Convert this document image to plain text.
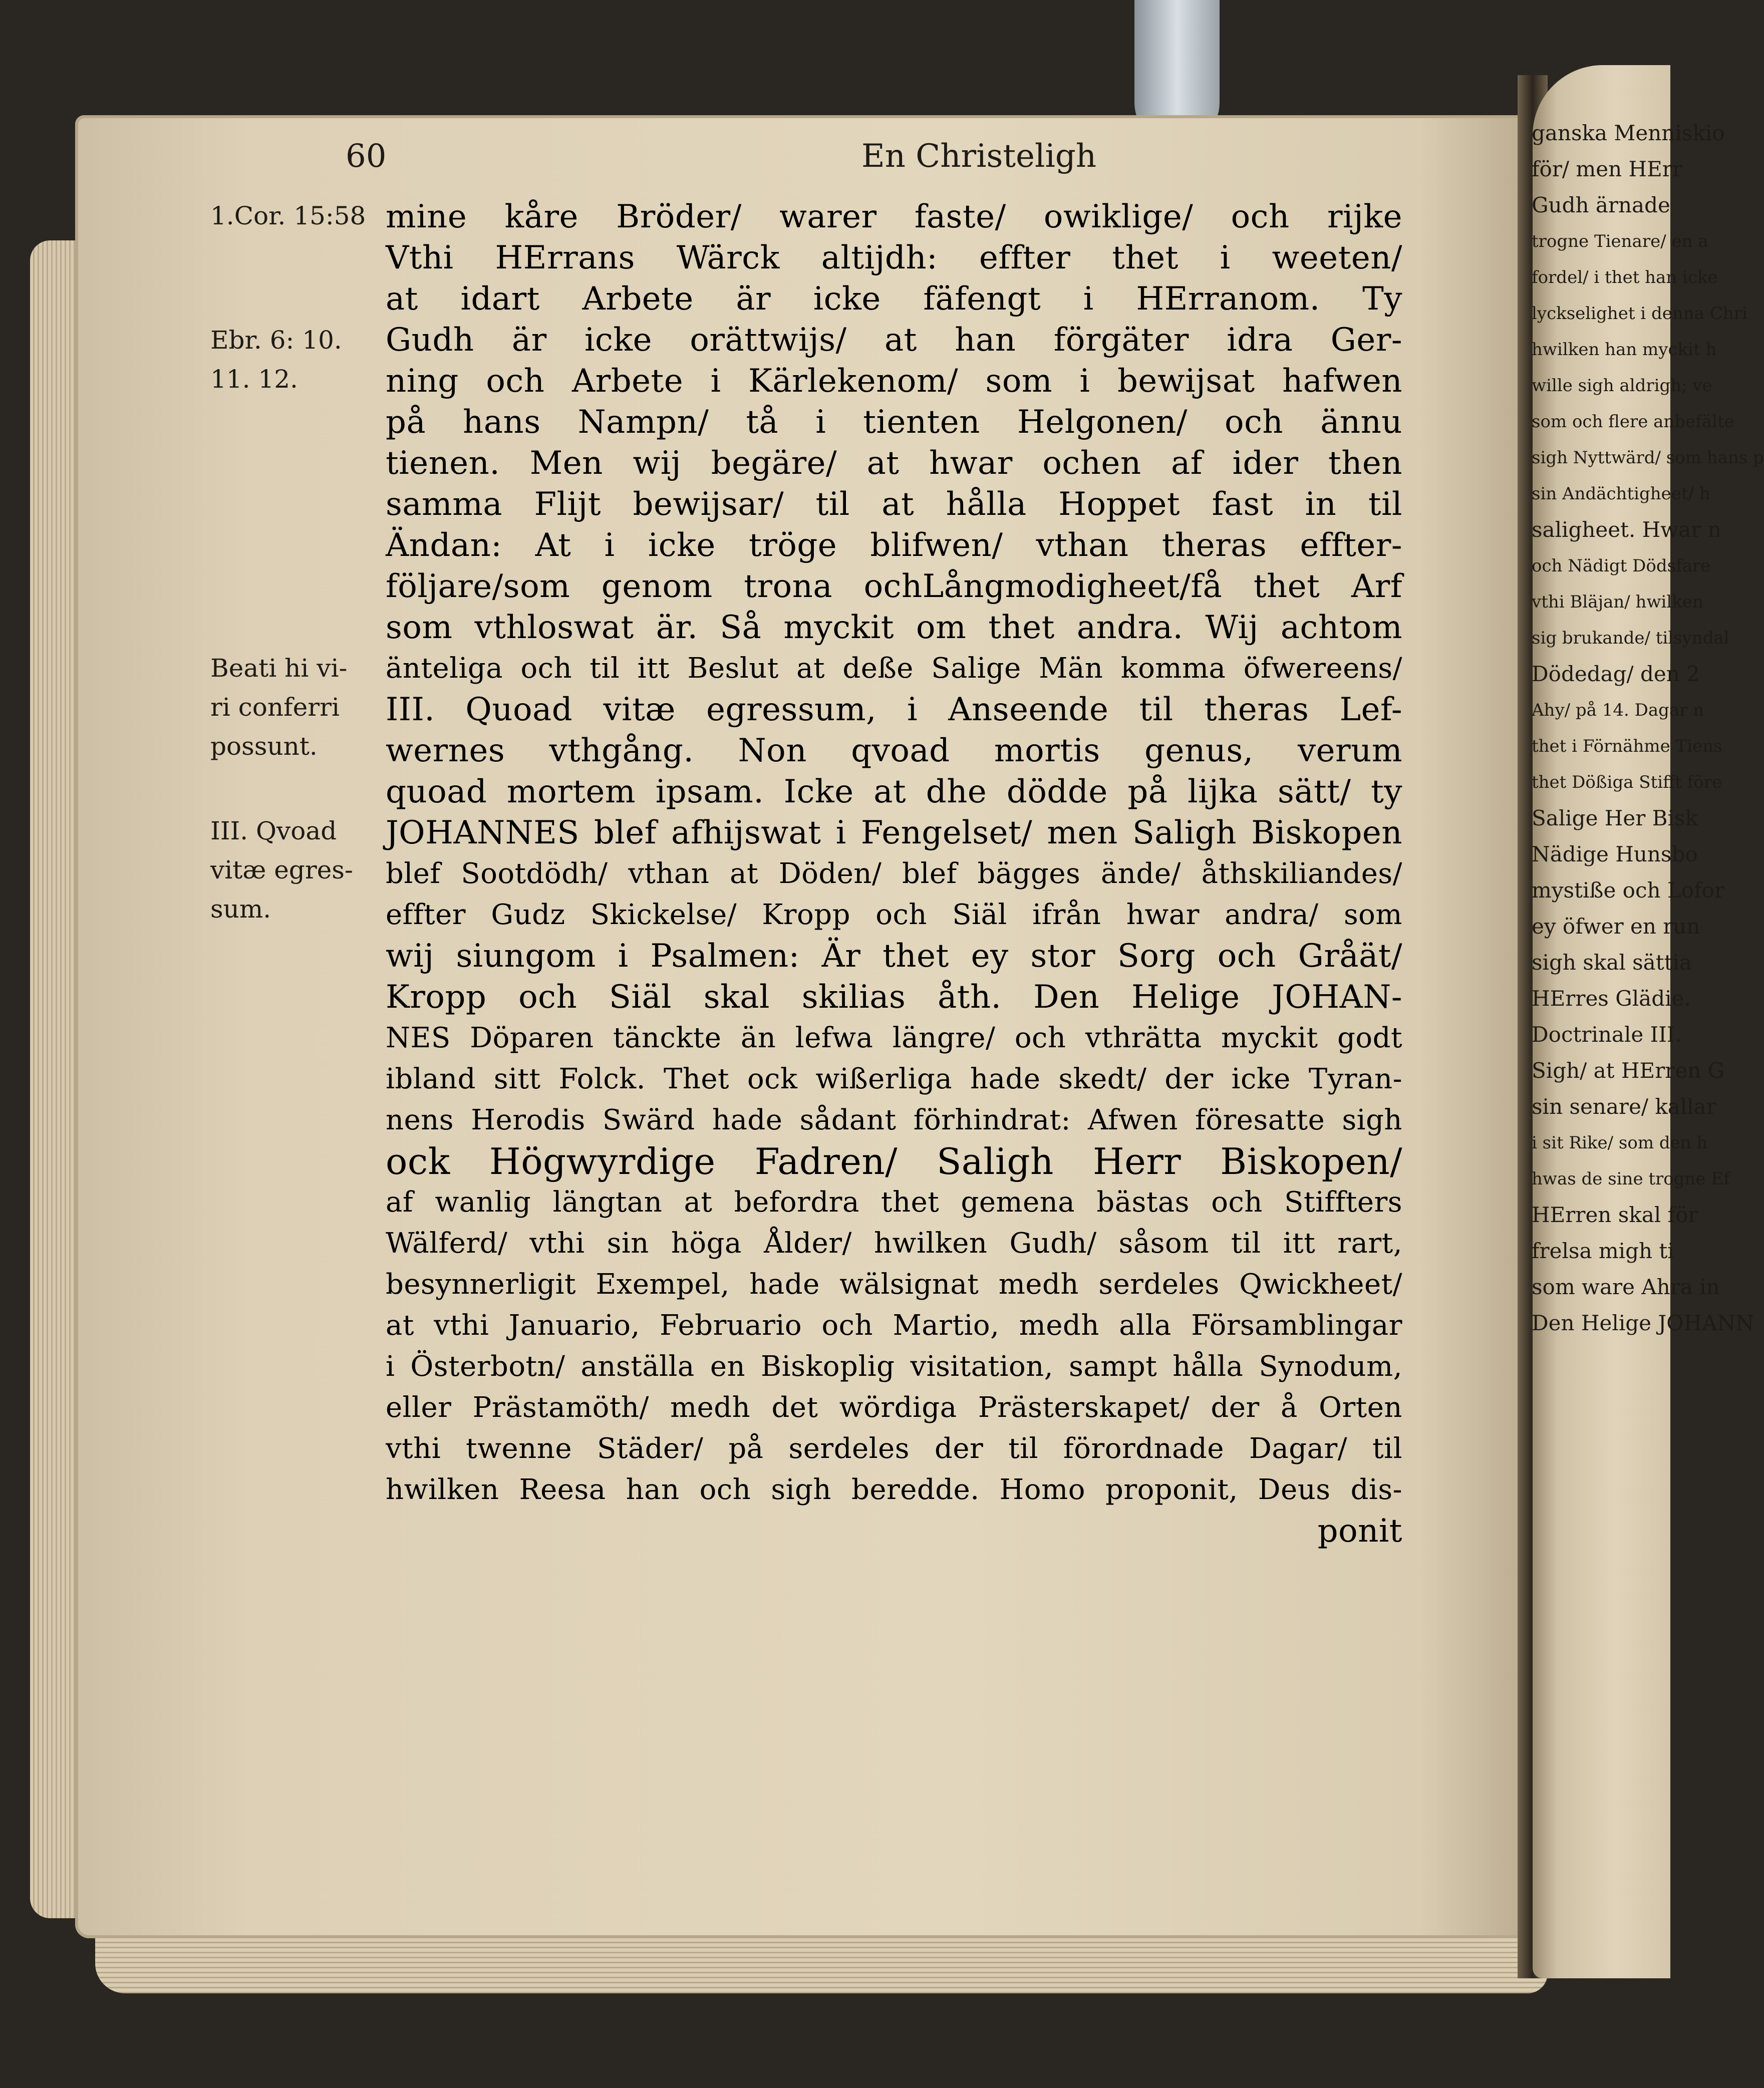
60	En Christeligh
1.Cor. 15:58
Ebr. 6: 10.
11. 12.
Beati hi vi-
ri conferri
possunt.
III. Qvoad
vitæ egres-
sum.
mine kåre Bröder/ warer faste/ owiklige/ och rijke
Vthi HErrans Wärck altijdh: effter thet i weeten/
at idart Arbete är icke fäfengt i HErranom. Ty
Gudh är icke orättwijs/ at han förgäter idra Ger-
ning och Arbete i Kärlekenom/ som i bewijsat hafwen
på hans Nampn/ tå i tienten Helgonen/ och ännu
tienen. Men wij begäre/ at hwar ochen af ider then
samma Flijt bewijsar/ til at hålla Hoppet fast in til
Ändan: At i icke tröge blifwen/ vthan theras effter-
följare/som genom trona ochLångmodigheet/få thet Arf
som vthloswat är. Så myckit om thet andra. Wij achtom
änteliga och til itt Beslut at deße Salige Män komma öfwereens/
III. Quoad vitæ egressum, i Anseende til theras Lef-
wernes vthgång. Non qvoad mortis genus, verum
quoad mortem ipsam. Icke at dhe dödde på lijka sätt/ ty
JOHANNES blef afhijswat i Fengelset/ men Saligh Biskopen
blef Sootdödh/ vthan at Döden/ blef bägges ände/ åthskiliandes/
effter Gudz Skickelse/ Kropp och Siäl ifrån hwar andra/ som
wij siungom i Psalmen: Är thet ey stor Sorg och Gråät/
Kropp och Siäl skal skilias åth. Den Helige JOHAN-
NES Döparen tänckte än lefwa längre/ och vthrätta myckit godt
ibland sitt Folck. Thet ock wißerliga hade skedt/ der icke Tyran-
nens Herodis Swärd hade sådant förhindrat: Afwen föresatte sigh
ock Högwyrdige Fadren/ Saligh Herr Biskopen/
af wanlig längtan at befordra thet gemena bästas och Stiffters
Wälferd/ vthi sin höga Ålder/ hwilken Gudh/ såsom til itt rart,
besynnerligit Exempel, hade wälsignat medh serdeles Qwickheet/
at vthi Januario, Februario och Martio, medh alla Församblingar
i Österbotn/ anställa en Biskoplig visitation, sampt hålla Synodum,
eller Prästamöth/ medh det wördiga Prästerskapet/ der å Orten
vthi twenne Städer/ på serdeles der til förordnade Dagar/ til
hwilken Reesa han och sigh beredde. Homo proponit, Deus dis-
ponit
ganska Menniskio
för/ men HErr
Gudh ärnade
trogne Tienare/ en a
fordel/ i thet han icke
lyckselighet i denna Chri
hwilken han myckit h
wille sigh aldrigh; ve
som och flere anbefälte
sigh Nyttwärd/ som hans p
sin Andächtigheet/ h
saligheet. Hwar n
och Nädigt Dödsfare
vthi Bläjan/ hwilken
sig brukande/ tilsyndal
Dödedag/ den 2
Ahy/ på 14. Dagar n
thet i Förnähme Tiens
thet Dößiga Stifft före
Salige Her Bisk
Nädige Hunsbo
mystiße och Lofor
ey öfwer en run
sigh skal sättia
HErres Glädie.
Doctrinale III.
Sigh/ at HErren G
sin senare/ kallar
i sit Rike/ som den h
hwas de sine trogne Ef
HErren skal för
frelsa migh ti
som ware Ahra in
Den Helige JOHANN
